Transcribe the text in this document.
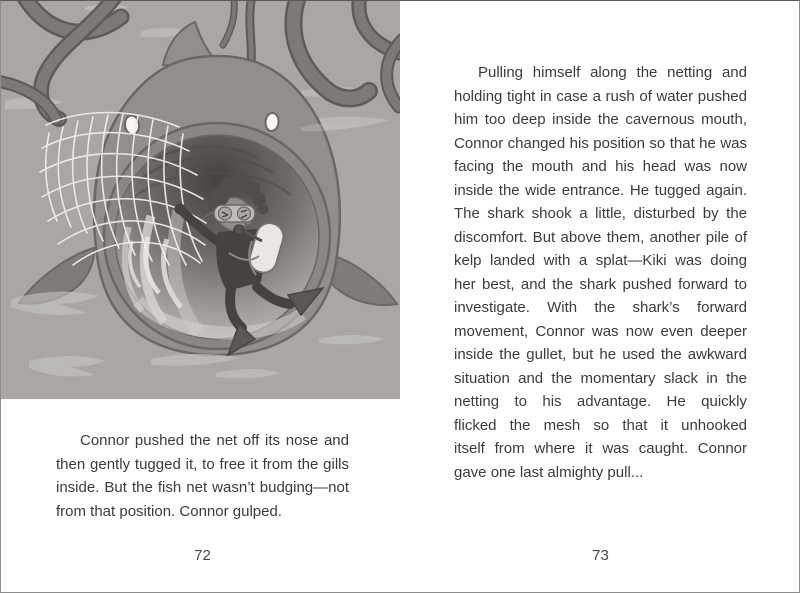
Connor pushed the net off its nose and
then gently tugged it, to free it from the gills
inside. But the fish net wasn’t budging—not
from that position. Connor gulped.
72
Pulling himself along the netting and
holding tight in case a rush of water pushed
him too deep inside the cavernous mouth,
Connor changed his position so that he was
facing the mouth and his head was now
inside the wide entrance. He tugged again.
The shark shook a little, disturbed by the
discomfort. But above them, another pile of
kelp landed with a splat—Kiki was doing
her best, and the shark pushed forward to
investigate. With the shark’s forward
movement, Connor was now even deeper
inside the gullet, but he used the awkward
situation and the momentary slack in the
netting to his advantage. He quickly
flicked the mesh so that it unhooked
itself from where it was caught. Connor
gave one last almighty pull...
73
